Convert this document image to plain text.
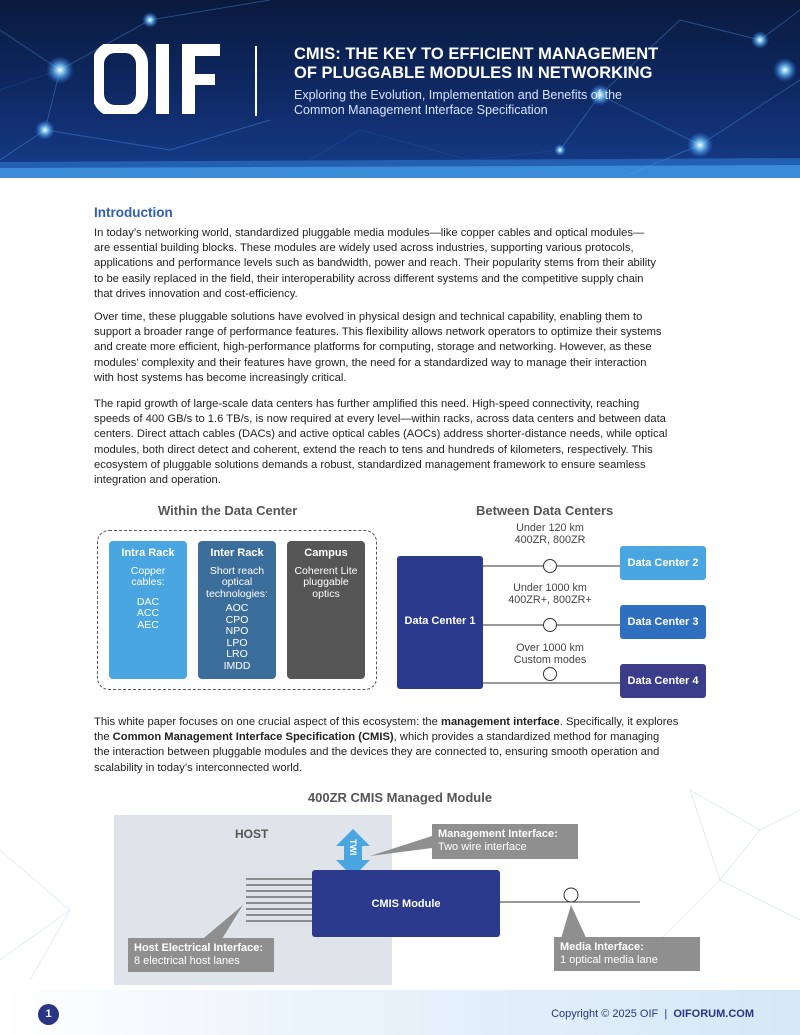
CMIS: THE KEY TO EFFICIENT MANAGEMENT
OF PLUGGABLE MODULES IN NETWORKING
Exploring the Evolution, Implementation and Benefits of the
Common Management Interface Specification
Introduction
In today’s networking world, standardized pluggable media modules—like copper cables and optical modules—
are essential building blocks. These modules are widely used across industries, supporting various protocols,
applications and performance levels such as bandwidth, power and reach. Their popularity stems from their ability
to be easily replaced in the field, their interoperability across different systems and the competitive supply chain
that drives innovation and cost-efficiency.
Over time, these pluggable solutions have evolved in physical design and technical capability, enabling them to
support a broader range of performance features. This flexibility allows network operators to optimize their systems
and create more efficient, high-performance platforms for computing, storage and networking. However, as these
modules’ complexity and their features have grown, the need for a standardized way to manage their interaction
with host systems has become increasingly critical.
The rapid growth of large-scale data centers has further amplified this need. High-speed connectivity, reaching
speeds of 400 GB/s to 1.6 TB/s, is now required at every level—within racks, across data centers and between data
centers. Direct attach cables (DACs) and active optical cables (AOCs) address shorter-distance needs, while optical
modules, both direct detect and coherent, extend the reach to tens and hundreds of kilometers, respectively. This
ecosystem of pluggable solutions demands a robust, standardized management framework to ensure seamless
integration and operation.
Within the Data Center
Intra Rack
Copper
cables:
DAC
ACC
AEC
Inter Rack
Short reach
optical
technologies:
AOC
CPO
NPO
LPO
LRO
IMDD
Campus
Coherent Lite
pluggable
optics
Between Data Centers
Data Center 1
Data Center 2
Data Center 3
Data Center 4
Under 120 km
400ZR, 800ZR
Under 1000 km
400ZR+, 800ZR+
Over 1000 km
Custom modes
This white paper focuses on one crucial aspect of this ecosystem: the management interface. Specifically, it explores
the Common Management Interface Specification (CMIS), which provides a standardized method for managing
the interaction between pluggable modules and the devices they are connected to, ensuring smooth operation and
scalability in today’s interconnected world.
400ZR CMIS Managed Module
HOST
TWI
CMIS Module
Management Interface:
Two wire interface
Host Electrical Interface:
8 electrical host lanes
Media Interface:
1 optical media lane
1	Copyright © 2025 OIF | OIFORUM.COM
